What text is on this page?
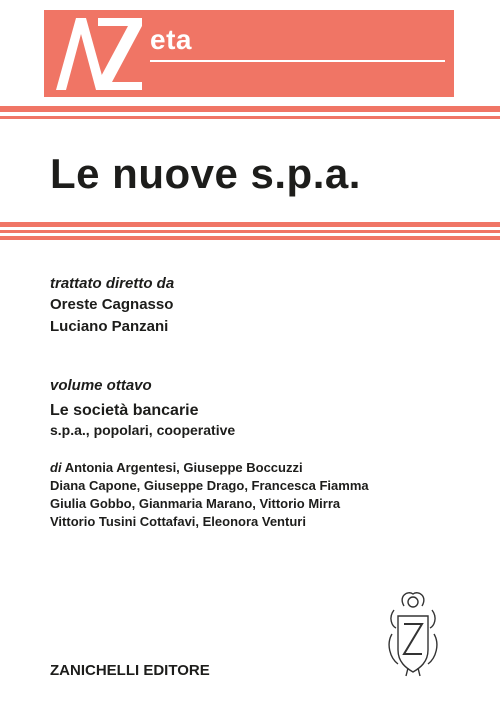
eta
Le nuove s.p.a.
trattato diretto da
Oreste Cagnasso
Luciano Panzani
volume ottavo
Le società bancarie
s.p.a., popolari, cooperative
di Antonia Argentesi, Giuseppe Boccuzzi
Diana Capone, Giuseppe Drago, Francesca Fiamma
Giulia Gobbo, Gianmaria Marano, Vittorio Mirra
Vittorio Tusini Cottafavi, Eleonora Venturi
ZANICHELLI EDITORE
